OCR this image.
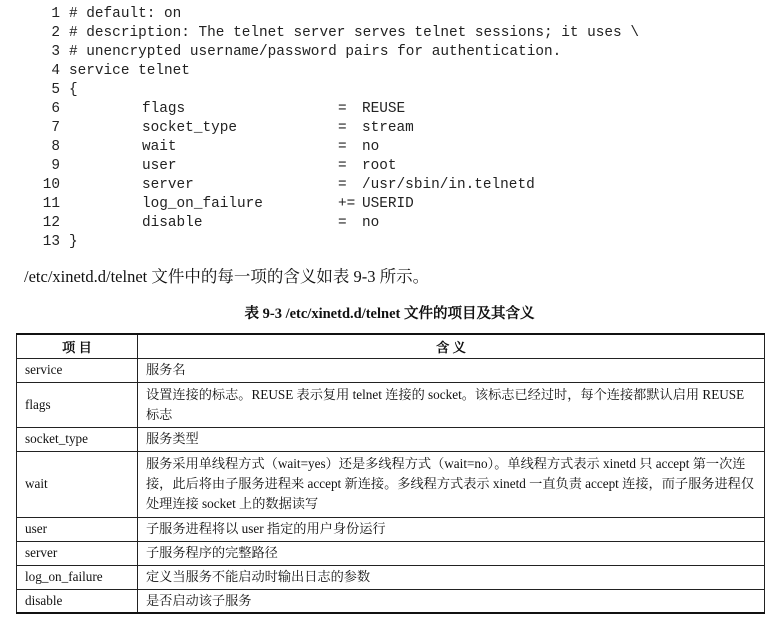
1 # default: on
2 # description: The telnet server serves telnet sessions; it uses \
3 # unencrypted username/password pairs for authentication.
4 service telnet
5 {
6	flags	= REUSE
7	socket_type	= stream
8	wait	= no
9	user	= root
10	server	= /usr/sbin/in.telnetd
11	log_on_failure	+= USERID
12	disable	= no
13 }
/etc/xinetd.d/telnet 文件中的每一项的含义如表 9-3 所示。
表 9-3 /etc/xinetd.d/telnet 文件的项目及其含义
项 目	含 义
service	服务名
flags	设置连接的标志。REUSE 表示复用 telnet 连接的 socket。该标志已经过时，每个连接都默认启用 REUSE 标志
socket_type	服务类型
wait	服务采用单线程方式（wait=yes）还是多线程方式（wait=no）。单线程方式表示 xinetd 只 accept 第一次连接，此后将由子服务进程来 accept 新连接。多线程方式表示 xinetd 一直负责 accept 连接，而子服务进程仅处理连接 socket 上的数据读写
user	子服务进程将以 user 指定的用户身份运行
server	子服务程序的完整路径
log_on_failure	定义当服务不能启动时输出日志的参数
disable	是否启动该子服务
